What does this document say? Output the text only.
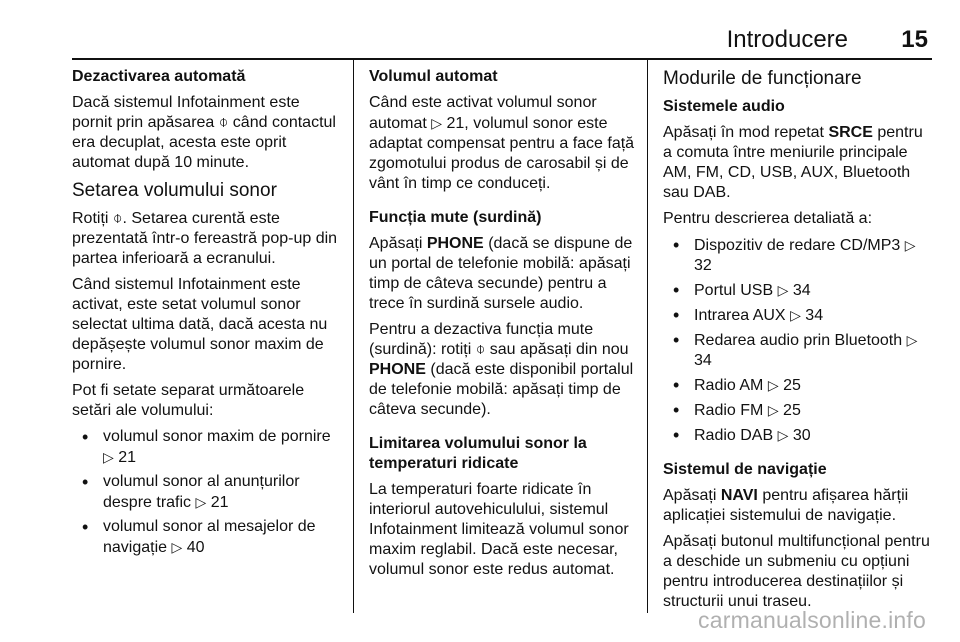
Introducere 15

Dezactivarea automată

Dacă sistemul Infotainment este pornit prin apăsarea ⌽ când contactul era decuplat, acesta este oprit automat după 10 minute.

Setarea volumului sonor

Rotiți ⌽. Setarea curentă este prezentată într-o fereastră pop-up din partea inferioară a ecranului.

Când sistemul Infotainment este activat, este setat volumul sonor selectat ultima dată, dacă acesta nu depășește volumul sonor maxim de pornire.

Pot fi setate separat următoarele setări ale volumului:

• volumul sonor maxim de pornire ▷ 21
• volumul sonor al anunțurilor despre trafic ▷ 21
• volumul sonor al mesajelor de navigație ▷ 40

Volumul automat

Când este activat volumul sonor automat ▷ 21, volumul sonor este adaptat compensat pentru a face față zgomotului produs de carosabil și de vânt în timp ce conduceți.

Funcția mute (surdină)

Apăsați PHONE (dacă se dispune de un portal de telefonie mobilă: apăsați timp de câteva secunde) pentru a trece în surdină sursele audio.

Pentru a dezactiva funcția mute (surdină): rotiți ⌽ sau apăsați din nou PHONE (dacă este disponibil portalul de telefonie mobilă: apăsați timp de câteva secunde).

Limitarea volumului sonor la temperaturi ridicate

La temperaturi foarte ridicate în interiorul autovehiculului, sistemul Infotainment limitează volumul sonor maxim reglabil. Dacă este necesar, volumul sonor este redus automat.

Modurile de funcționare

Sistemele audio

Apăsați în mod repetat SRCE pentru a comuta între meniurile principale AM, FM, CD, USB, AUX, Bluetooth sau DAB.

Pentru descrierea detaliată a:

• Dispozitiv de redare CD/MP3 ▷ 32
• Portul USB ▷ 34
• Intrarea AUX ▷ 34
• Redarea audio prin Bluetooth ▷ 34
• Radio AM ▷ 25
• Radio FM ▷ 25
• Radio DAB ▷ 30

Sistemul de navigație

Apăsați NAVI pentru afișarea hărții aplicației sistemului de navigație.

Apăsați butonul multifuncțional pentru a deschide un submeniu cu opțiuni pentru introducerea destinațiilor și structurii unui traseu.

carmanualsonline.info
